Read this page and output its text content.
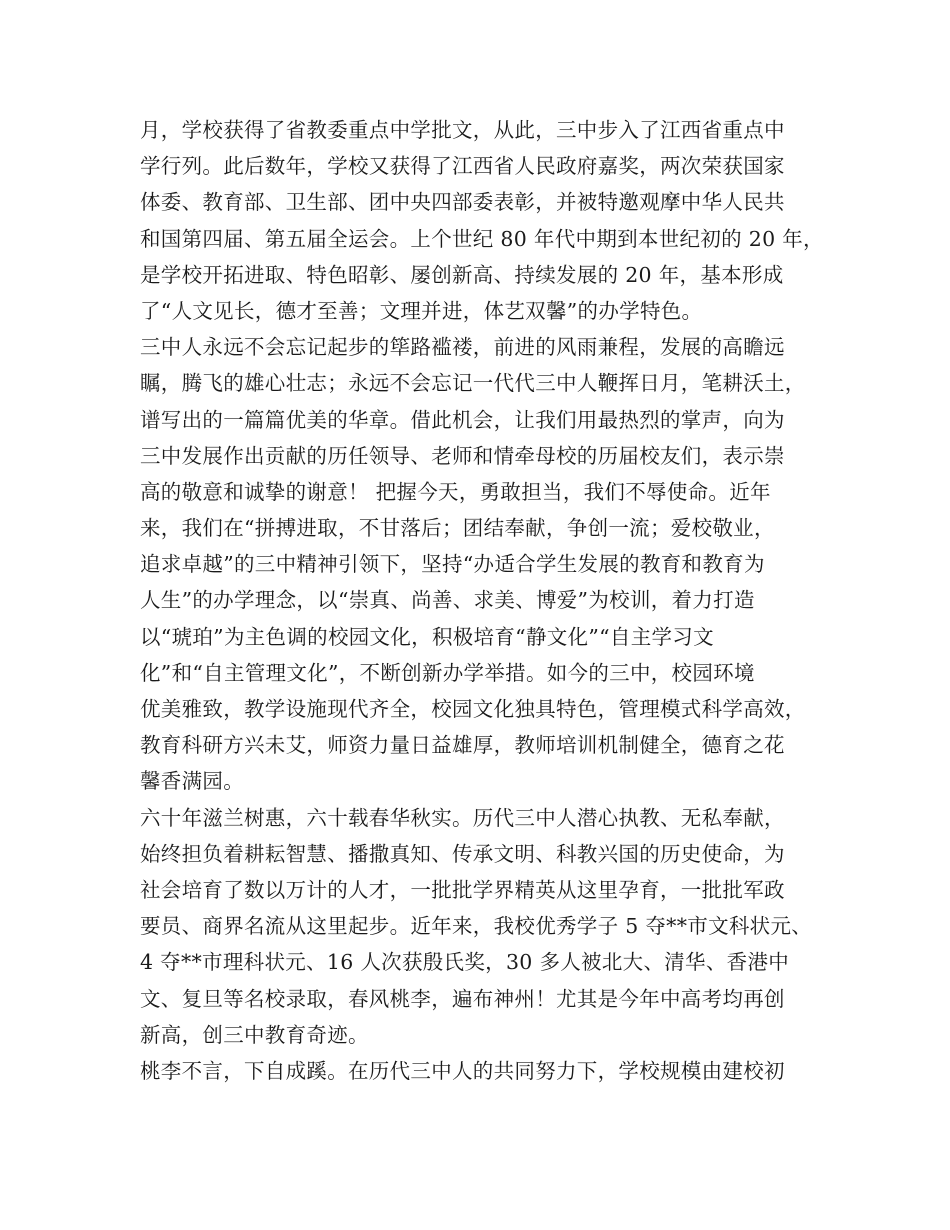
月，学校获得了省教委重点中学批文，从此，三中步入了江西省重点中
学行列。此后数年，学校又获得了江西省人民政府嘉奖，两次荣获国家
体委、教育部、卫生部、团中央四部委表彰，并被特邀观摩中华人民共
和国第四届、第五届全运会。上个世纪 80 年代中期到本世纪初的 20 年，
是学校开拓进取、特色昭彰、屡创新高、持续发展的 20 年，基本形成
了“人文见长，德才至善；文理并进，体艺双馨”的办学特色。
三中人永远不会忘记起步的筚路褴褛，前进的风雨兼程，发展的高瞻远
瞩，腾飞的雄心壮志；永远不会忘记一代代三中人鞭挥日月，笔耕沃土，
谱写出的一篇篇优美的华章。借此机会，让我们用最热烈的掌声，向为
三中发展作出贡献的历任领导、老师和情牵母校的历届校友们，表示崇
高的敬意和诚挚的谢意！ 把握今天，勇敢担当，我们不辱使命。近年
来，我们在“拼搏进取，不甘落后；团结奉献，争创一流；爱校敬业，
追求卓越”的三中精神引领下，坚持“办适合学生发展的教育和教育为
人生”的办学理念，以“崇真、尚善、求美、博爱”为校训，着力打造
以“琥珀”为主色调的校园文化，积极培育“静文化”“自主学习文
化”和“自主管理文化”，不断创新办学举措。如今的三中，校园环境
优美雅致，教学设施现代齐全，校园文化独具特色，管理模式科学高效，
教育科研方兴未艾，师资力量日益雄厚，教师培训机制健全，德育之花
馨香满园。
六十年滋兰树惠，六十载春华秋实。历代三中人潜心执教、无私奉献，
始终担负着耕耘智慧、播撒真知、传承文明、科教兴国的历史使命，为
社会培育了数以万计的人才，一批批学界精英从这里孕育，一批批军政
要员、商界名流从这里起步。近年来，我校优秀学子 5 夺**市文科状元、
4 夺**市理科状元、16 人次获殷氏奖，30 多人被北大、清华、香港中
文、复旦等名校录取，春风桃李，遍布神州！尤其是今年中高考均再创
新高，创三中教育奇迹。
桃李不言，下自成蹊。在历代三中人的共同努力下，学校规模由建校初
